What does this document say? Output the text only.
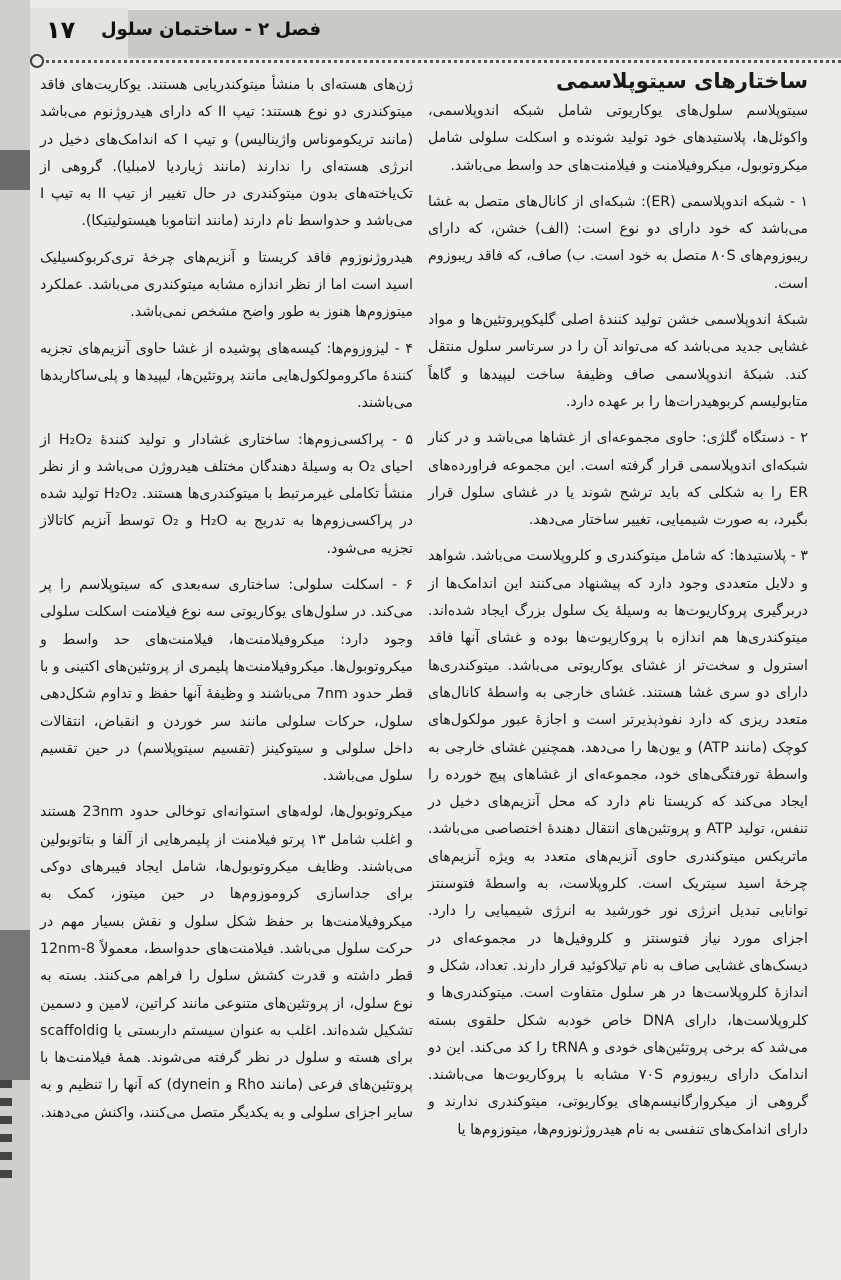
۱۷ فصل ۲ - ساختمان سلول
ساختارهای سیتوپلاسمی

سیتوپلاسم سلول‌های یوکاریوتی شامل شبکه اندوپلاسمی، واکوئل‌ها، پلاستیدهای خود تولید شونده و اسکلت سلولی شامل میکروتوبول، میکروفیلامنت و فیلامنت‌های حد واسط می‌باشد.

۱ - شبکه اندوپلاسمی (ER): شبکه‌ای از کانال‌های متصل به غشا می‌باشد که خود دارای دو نوع است: (الف) خشن، که دارای ریبوزوم‌های ۸۰S متصل به خود است. ب) صاف، که فاقد ریبوزوم است.

شبکهٔ اندوپلاسمی خشن تولید کنندهٔ اصلی گلیکوپروتئین‌ها و مواد غشایی جدید می‌باشد که می‌تواند آن را در سرتاسر سلول منتقل کند. شبکهٔ اندوپلاسمی صاف وظیفهٔ ساخت لیپیدها و گاهاً متابولیسم کربوهیدرات‌ها را بر عهده دارد.

۲ - دستگاه گلژی: حاوی مجموعه‌ای از غشاها می‌باشد و در کنار شبکه‌ای اندوپلاسمی قرار گرفته است. این مجموعه فراورده‌های ER را به شکلی که باید ترشح شوند یا در غشای سلول قرار بگیرد، به صورت شیمیایی، تغییر ساختار می‌دهد.

۳ - پلاستیدها: که شامل میتوکندری و کلروپلاست می‌باشد. شواهد و دلایل متعددی وجود دارد که پیشنهاد می‌کنند این اندامک‌ها از دربرگیری پروکاریوت‌ها به وسیلهٔ یک سلول بزرگ ایجاد شده‌اند. میتوکندری‌ها هم اندازه با پروکاریوت‌ها بوده و غشای آنها فاقد استرول و سخت‌تر از غشای یوکاریوتی می‌باشد. میتوکندری‌ها دارای دو سری غشا هستند. غشای خارجی به واسطهٔ کانال‌های متعدد ریزی که دارد نفوذپذیرتر است و اجازهٔ عبور مولکول‌های کوچک (مانند ATP) و یون‌ها را می‌دهد. همچنین غشای خارجی به واسطهٔ تورفتگی‌های خود، مجموعه‌ای از غشاهای پیچ خورده را ایجاد می‌کند که کریستا نام دارد که محل آنزیم‌های دخیل در تنفس، تولید ATP و پروتئین‌های انتقال دهندهٔ اختصاصی می‌باشد. ماتریکس میتوکندری حاوی آنزیم‌های متعدد به ویژه آنزیم‌های چرخهٔ اسید سیتریک است. کلروپلاست، به واسطهٔ فتوسنتز توانایی تبدیل انرژی نور خورشید به انرژی شیمیایی را دارد. اجزای مورد نیاز فتوسنتز و کلروفیل‌ها در مجموعه‌ای در دیسک‌های غشایی صاف به نام تیلاکوئید قرار دارند. تعداد، شکل و اندازهٔ کلروپلاست‌ها در هر سلول متفاوت است. میتوکندری‌ها و کلروپلاست‌ها، دارای DNA خاص خودبه شکل حلقوی بسته می‌شد که برخی پروتئین‌های خودی و tRNA را کد می‌کند. این دو اندامک دارای ریبوزوم ۷۰S مشابه با پروکاریوت‌ها می‌باشند. گروهی از میکروارگانیسم‌های یوکاریوتی، میتوکندری ندارند و دارای اندامک‌های تنفسی به نام هیدروژنوزوم‌ها، میتوزوم‌ها یا

ژن‌های هسته‌ای با منشأ میتوکندریایی هستند. یوکاریت‌های فاقد میتوکندری دو نوع هستند: تیپ II که دارای هیدروژنوم می‌باشد (مانند تریکوموناس واژینالیس) و تیپ I که اندامک‌های دخیل در انرژی هسته‌ای را ندارند (مانند ژیاردیا لامبلیا). گروهی از تک‌یاخته‌های بدون میتوکندری در حال تغییر از تیپ II به تیپ I می‌باشد و حدواسط نام دارند (مانند انتاموبا هیستولیتیکا).

هیدروژنوزوم فاقد کریستا و آنزیم‌های چرخهٔ تری‌کربوکسیلیک اسید است اما از نظر اندازه مشابه میتوکندری می‌باشد. عملکرد میتوزوم‌ها هنوز به طور واضح مشخص نمی‌باشد.

۴ - لیزوزوم‌ها: کیسه‌های پوشیده از غشا حاوی آنزیم‌های تجزیه کنندهٔ ماکرومولکول‌هایی مانند پروتئین‌ها، لیپیدها و پلی‌ساکاریدها می‌باشند.

۵ - پراکسی‌زوم‌ها: ساختاری غشادار و تولید کنندهٔ H₂O₂ از احیای O₂ به وسیلهٔ دهندگان مختلف هیدروژن می‌باشد و از نظر منشأ تکاملی غیرمرتبط با میتوکندری‌ها هستند. H₂O₂ تولید شده در پراکسی‌زوم‌ها به تدریج به H₂O و O₂ توسط آنزیم کاتالاز تجزیه می‌شود.

۶ - اسکلت سلولی: ساختاری سه‌بعدی که سیتوپلاسم را پر می‌کند. در سلول‌های یوکاریوتی سه نوع فیلامنت اسکلت سلولی وجود دارد: میکروفیلامنت‌ها، فیلامنت‌های حد واسط و میکروتوبول‌ها. میکروفیلامنت‌ها پلیمری از پروتئین‌های اکتینی و با قطر حدود 7nm می‌باشند و وظیفهٔ آنها حفظ و تداوم شکل‌دهی سلول، حرکات سلولی مانند سر خوردن و انقباض، انتقالات داخل سلولی و سیتوکینز (تقسیم سیتوپلاسم) در حین تقسیم سلول می‌باشد.

میکروتوبول‌ها، لوله‌های استوانه‌ای توخالی حدود 23nm هستند و اغلب شامل ۱۳ پرتو فیلامنت از پلیمرهایی از آلفا و بتاتوبولین می‌باشند. وظایف میکروتوبول‌ها، شامل ایجاد فیبرهای دوکی برای جداسازی کروموزوم‌ها در حین میتوز، کمک به میکروفیلامنت‌ها بر حفظ شکل سلول و نقش بسیار مهم در حرکت سلول می‌باشد. فیلامنت‌های حدواسط، معمولاً 8-12nm قطر داشته و قدرت کشش سلول را فراهم می‌کنند. بسته به نوع سلول، از پروتئین‌های متنوعی مانند کراتین، لامین و دسمین تشکیل شده‌اند. اغلب به عنوان سیستم داربستی یا scaffoldig برای هسته و سلول در نظر گرفته می‌شوند. همهٔ فیلامنت‌ها با پروتئین‌های فرعی (مانند Rho و dynein) که آنها را تنظیم و به سایر اجزای سلولی و به یکدیگر متصل می‌کنند، واکنش می‌دهند.
